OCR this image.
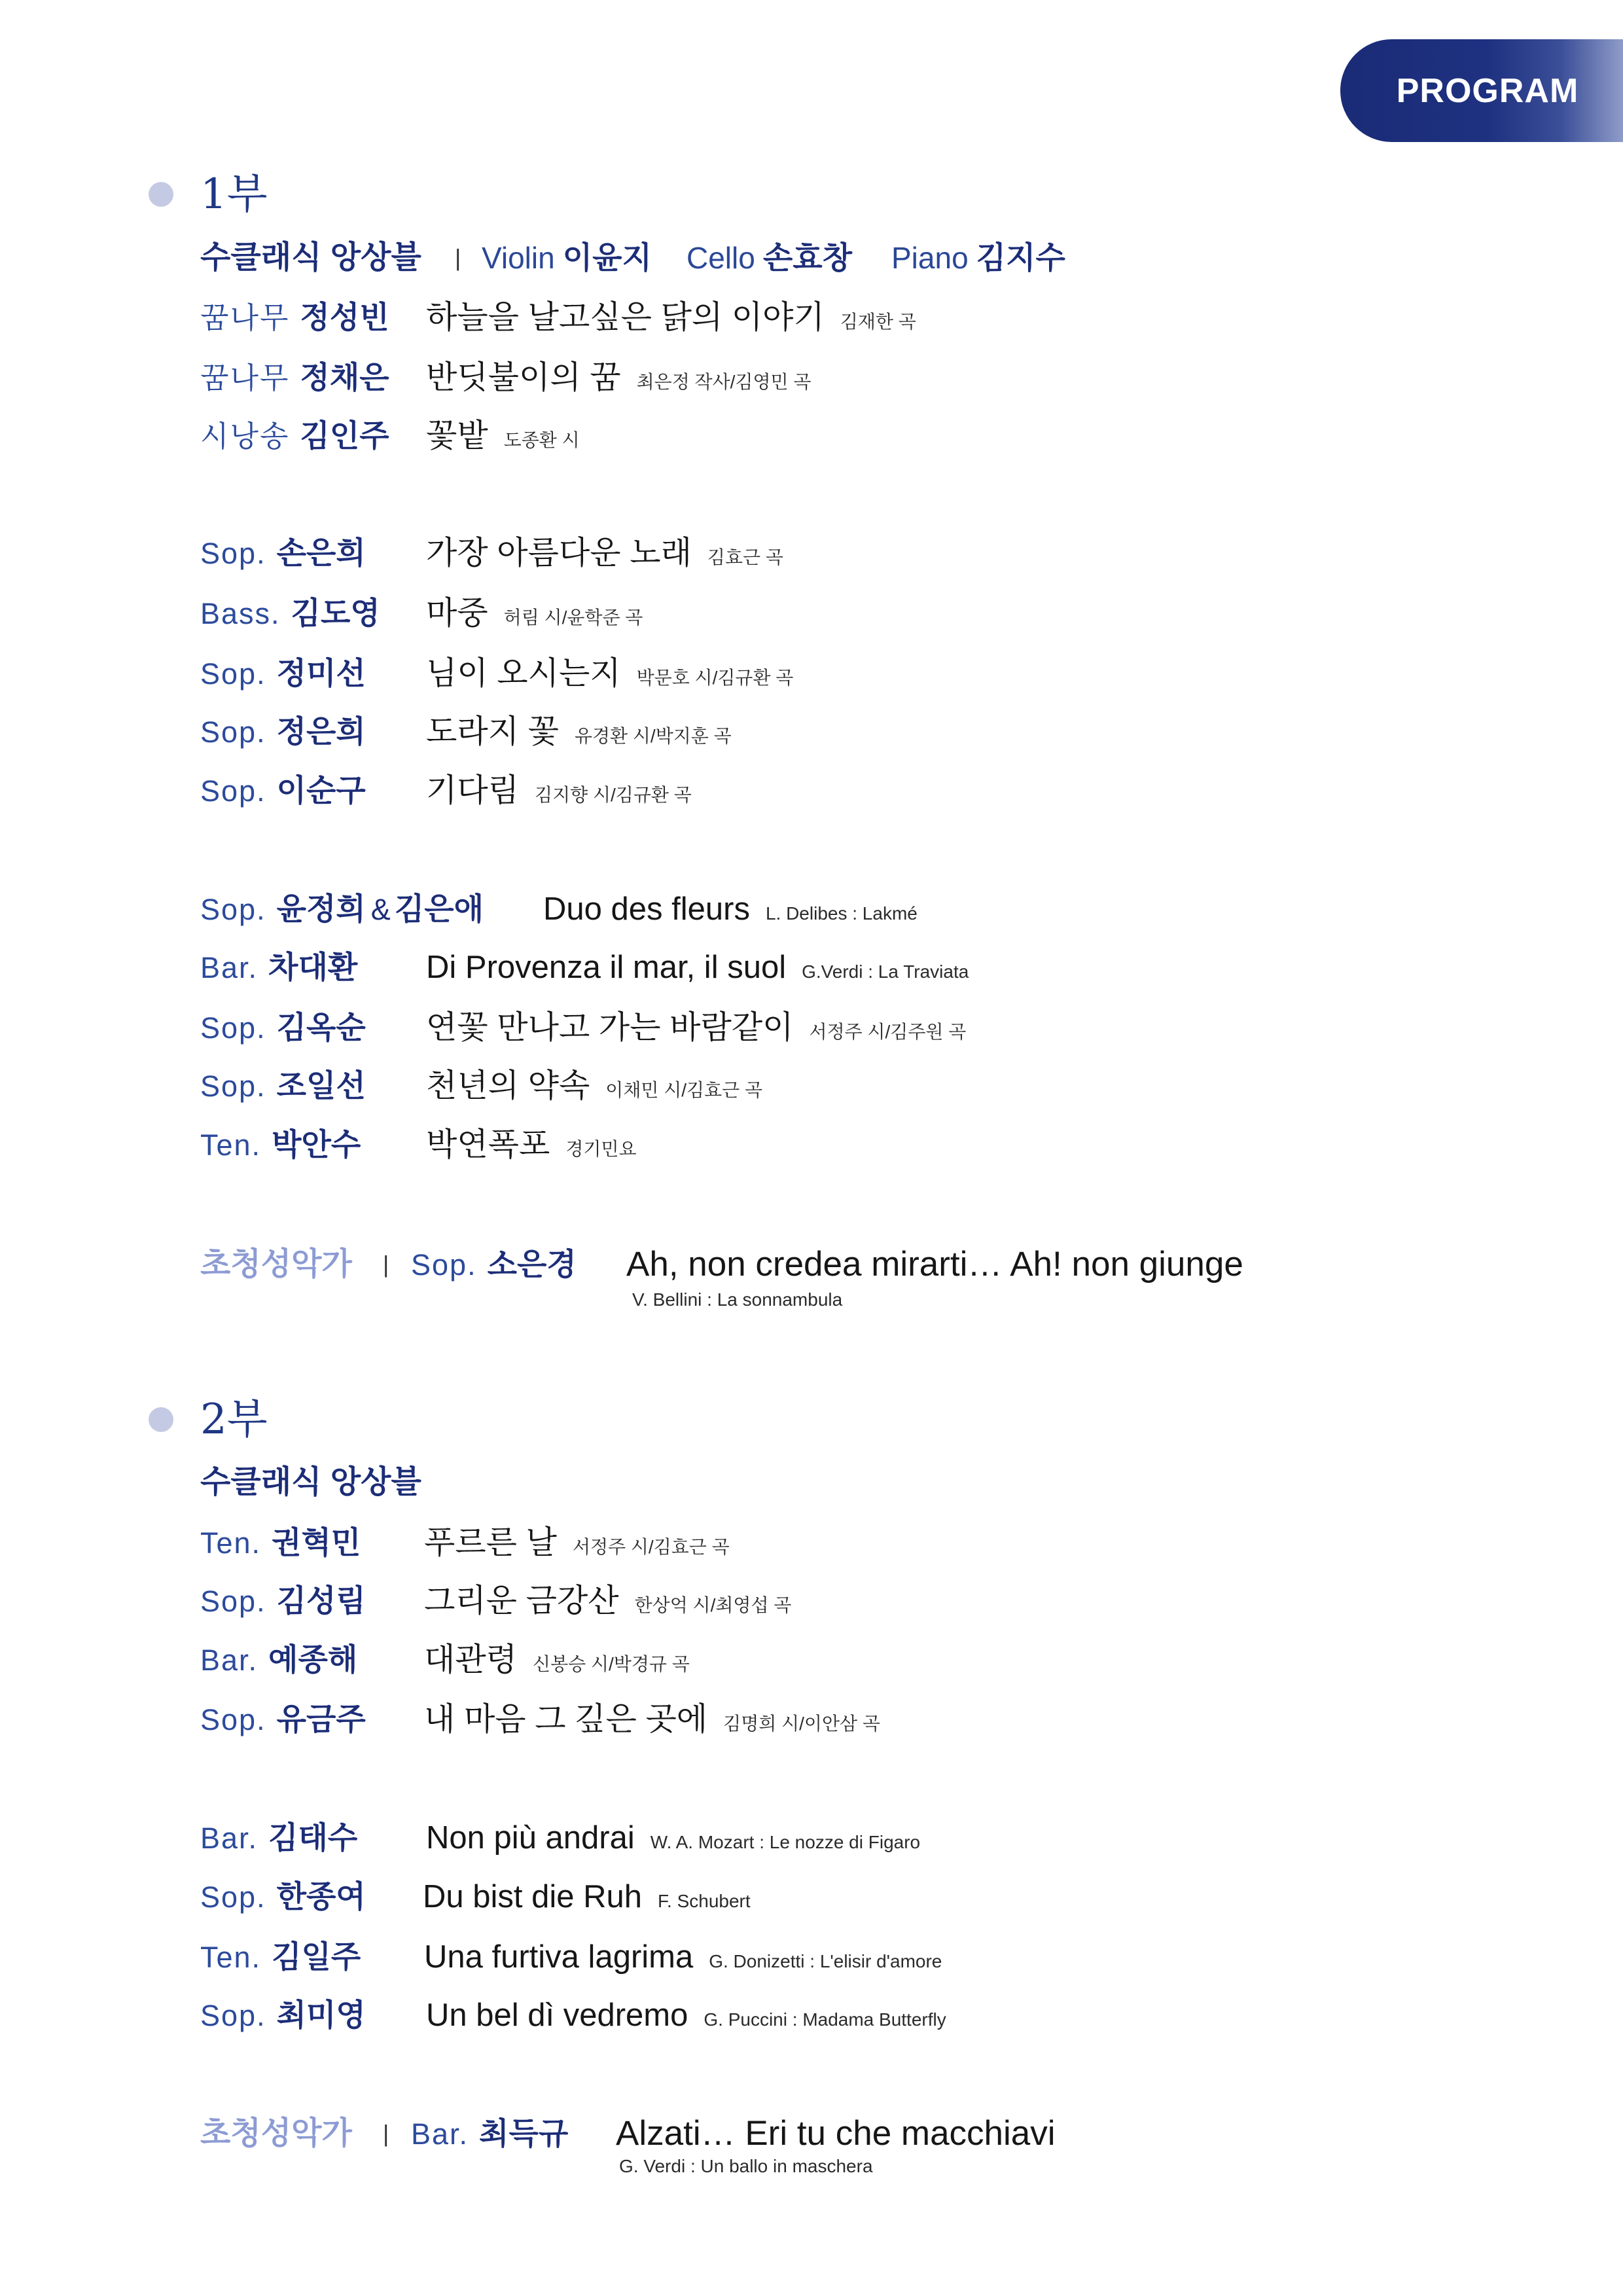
PROGRAM
1부
수클래식 앙상블 | Violin 이윤지 Cello 손효창 Piano 김지수
꿈나무 정성빈 하늘을 날고싶은 닭의 이야기 김재한 곡
꿈나무 정채은 반딧불이의 꿈 최은정 작사/김영민 곡
시낭송 김인주 꽃밭 도종환 시
Sop. 손은희 가장 아름다운 노래 김효근 곡
Bass. 김도영 마중 허림 시/윤학준 곡
Sop. 정미선 님이 오시는지 박문호 시/김규환 곡
Sop. 정은희 도라지 꽃 유경환 시/박지훈 곡
Sop. 이순구 기다림 김지향 시/김규환 곡
Sop. 윤정희 & 김은애 Duo des fleurs L. Delibes : Lakmé
Bar. 차대환 Di Provenza il mar, il suol G.Verdi : La Traviata
Sop. 김옥순 연꽃 만나고 가는 바람같이 서정주 시/김주원 곡
Sop. 조일선 천년의 약속 이채민 시/김효근 곡
Ten. 박안수 박연폭포 경기민요
초청성악가 | Sop. 소은경 Ah, non credea mirarti… Ah! non giunge
V. Bellini : La sonnambula
2부
수클래식 앙상블
Ten. 권혁민 푸르른 날 서정주 시/김효근 곡
Sop. 김성림 그리운 금강산 한상억 시/최영섭 곡
Bar. 예종해 대관령 신봉승 시/박경규 곡
Sop. 유금주 내 마음 그 깊은 곳에 김명희 시/이안삼 곡
Bar. 김태수 Non più andrai W. A. Mozart : Le nozze di Figaro
Sop. 한종여 Du bist die Ruh F. Schubert
Ten. 김일주 Una furtiva lagrima G. Donizetti : L'elisir d'amore
Sop. 최미영 Un bel dì vedremo G. Puccini : Madama Butterfly
초청성악가 | Bar. 최득규 Alzati… Eri tu che macchiavi
G. Verdi : Un ballo in maschera
